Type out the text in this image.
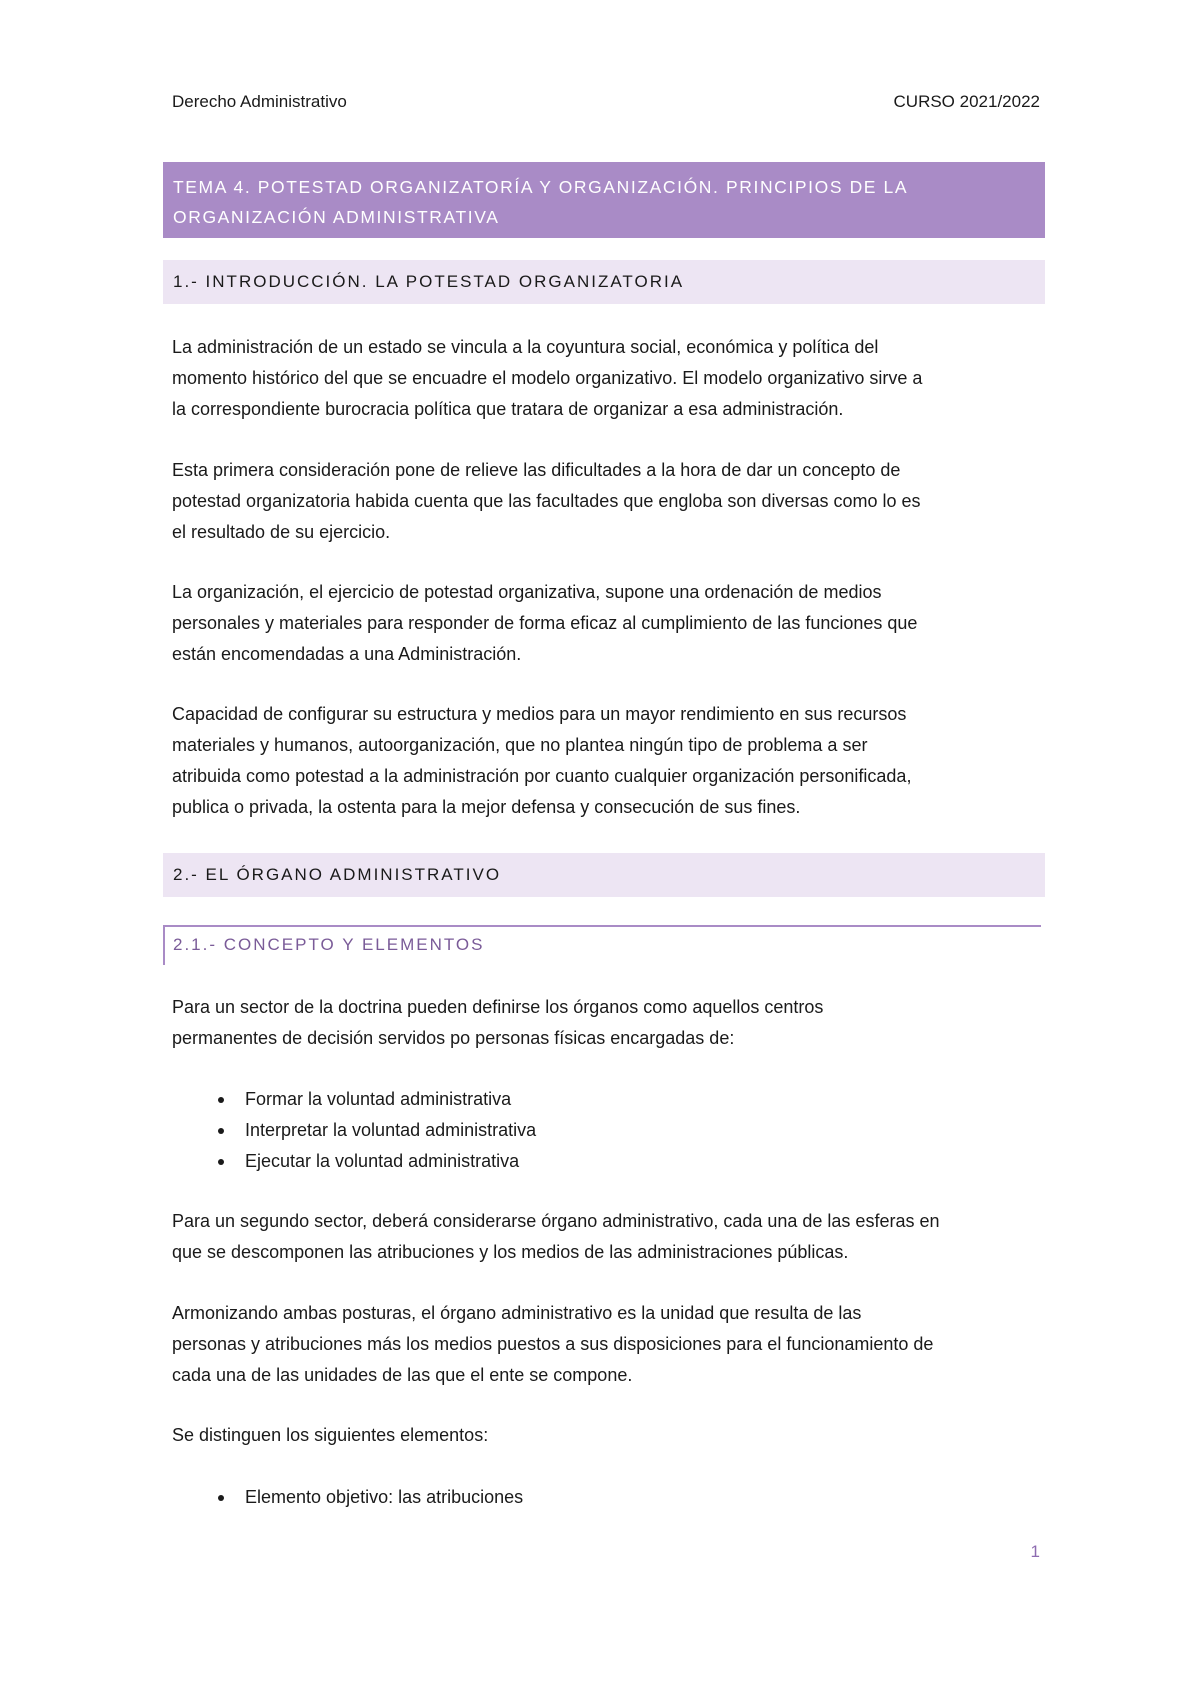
Derecho Administrativo	CURSO 2021/2022
TEMA 4. POTESTAD ORGANIZATORÍA Y ORGANIZACIÓN. PRINCIPIOS DE LA
ORGANIZACIÓN ADMINISTRATIVA
1.- INTRODUCCIÓN. LA POTESTAD ORGANIZATORIA
La administración de un estado se vincula a la coyuntura social, económica y política del
momento histórico del que se encuadre el modelo organizativo. El modelo organizativo sirve a
la correspondiente burocracia política que tratara de organizar a esa administración.
Esta primera consideración pone de relieve las dificultades a la hora de dar un concepto de
potestad organizatoria habida cuenta que las facultades que engloba son diversas como lo es
el resultado de su ejercicio.
La organización, el ejercicio de potestad organizativa, supone una ordenación de medios
personales y materiales para responder de forma eficaz al cumplimiento de las funciones que
están encomendadas a una Administración.
Capacidad de configurar su estructura y medios para un mayor rendimiento en sus recursos
materiales y humanos, autoorganización, que no plantea ningún tipo de problema a ser
atribuida como potestad a la administración por cuanto cualquier organización personificada,
publica o privada, la ostenta para la mejor defensa y consecución de sus fines.
2.- EL ÓRGANO ADMINISTRATIVO
2.1.- CONCEPTO Y ELEMENTOS
Para un sector de la doctrina pueden definirse los órganos como aquellos centros
permanentes de decisión servidos po personas físicas encargadas de:
Formar la voluntad administrativa
Interpretar la voluntad administrativa
Ejecutar la voluntad administrativa
Para un segundo sector, deberá considerarse órgano administrativo, cada una de las esferas en
que se descomponen las atribuciones y los medios de las administraciones públicas.
Armonizando ambas posturas, el órgano administrativo es la unidad que resulta de las
personas y atribuciones más los medios puestos a sus disposiciones para el funcionamiento de
cada una de las unidades de las que el ente se compone.
Se distinguen los siguientes elementos:
Elemento objetivo: las atribuciones
1
